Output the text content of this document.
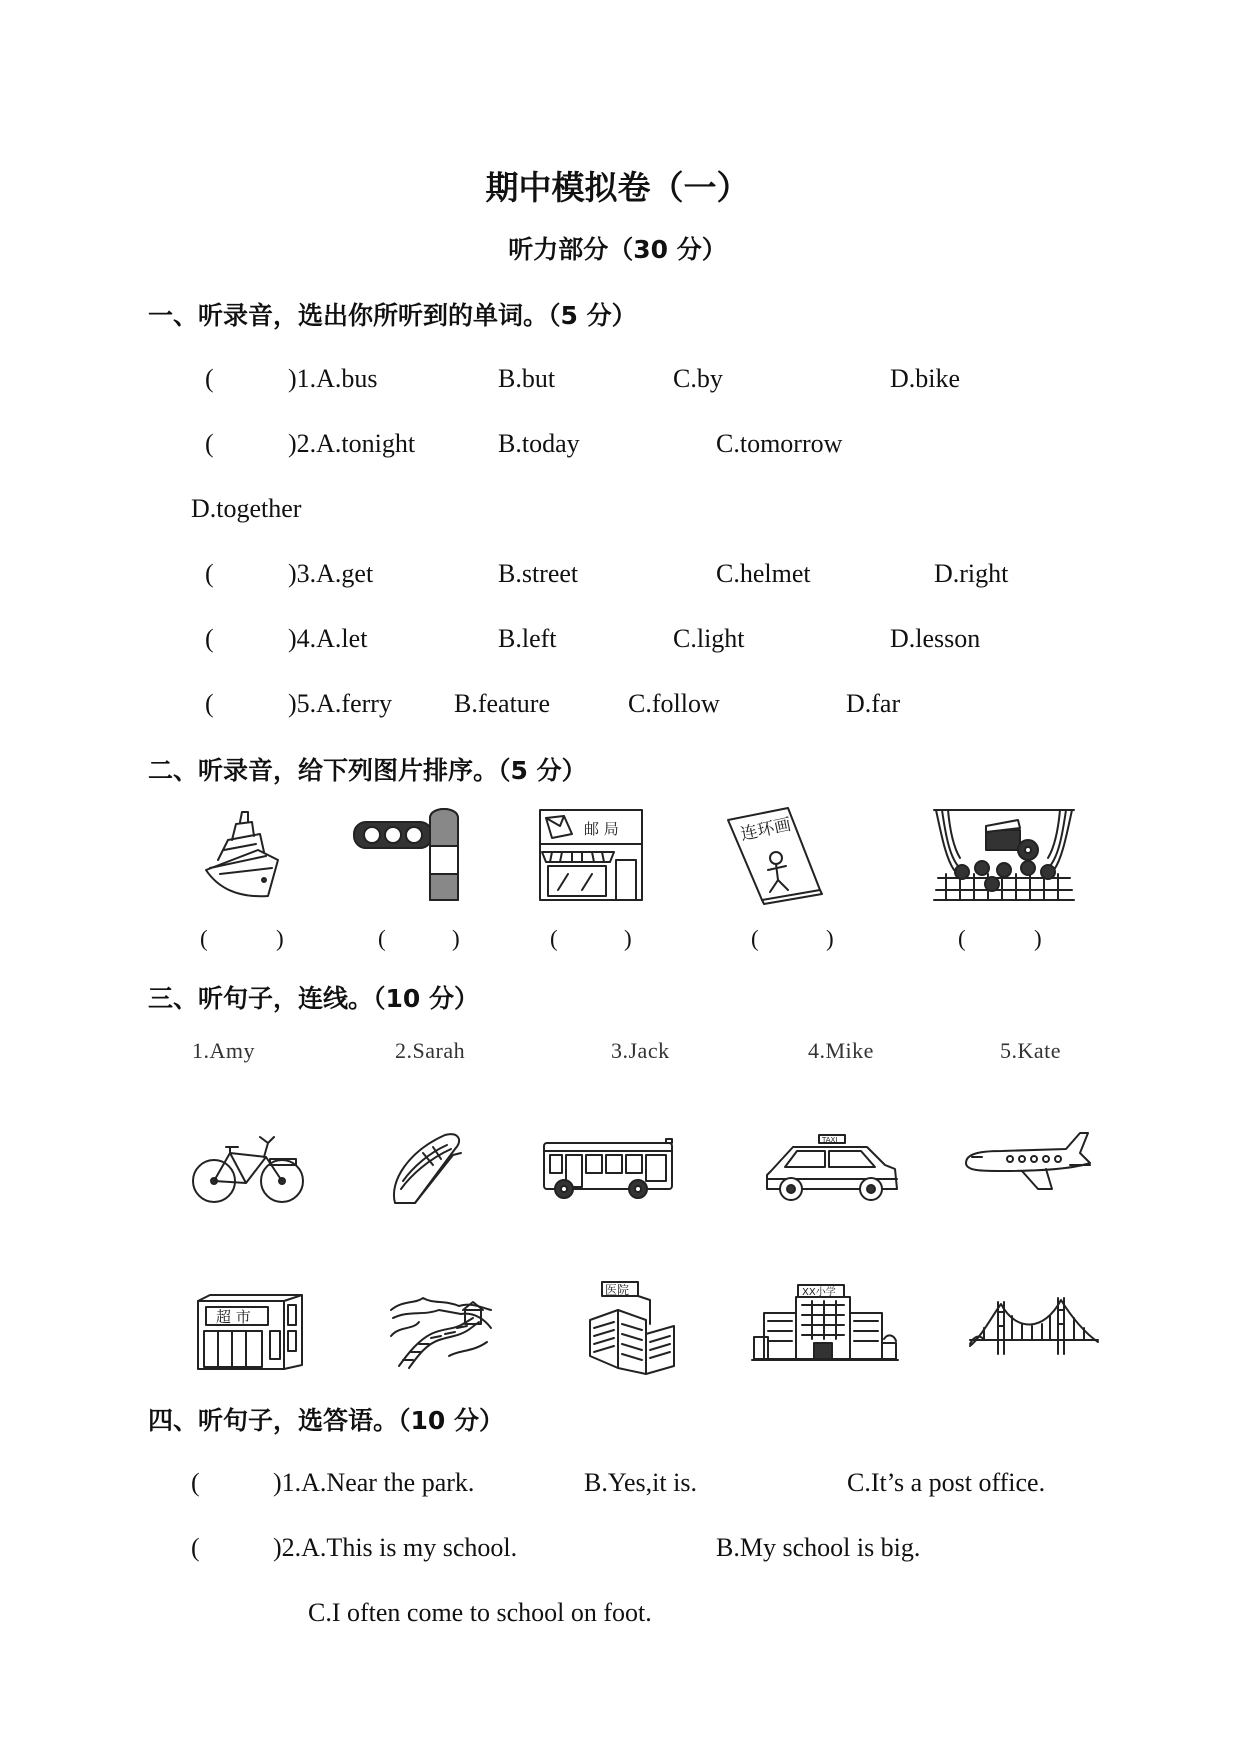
期中模拟卷（一）
听力部分（30 分）
一、听录音，选出你所听到的单词。（5 分）
(	)1.A.bus	B.but	C.by	D.bike
(	)2.A.tonight	B.today	C.tomorrow
D.together
(	)3.A.get	B.street	C.helmet	D.right
(	)4.A.let	B.left	C.light	D.lesson
(	)5.A.ferry B.feature	C.follow	D.far
二、听录音，给下列图片排序。（5 分）
邮 局	连环画
(	)	(	)	(	)	(	)	(	)
三、听句子，连线。（10 分）
1.Amy	2.Sarah	3.Jack	4.Mike	5.Kate
TAXI
超 市
医院	XX小学
四、听句子，选答语。（10 分）
(	)1.A.Near the park.	B.Yes,it is.	C.It’s a post office.
(	)2.A.This is my school.	B.My school is big.
C.I often come to school on foot.
